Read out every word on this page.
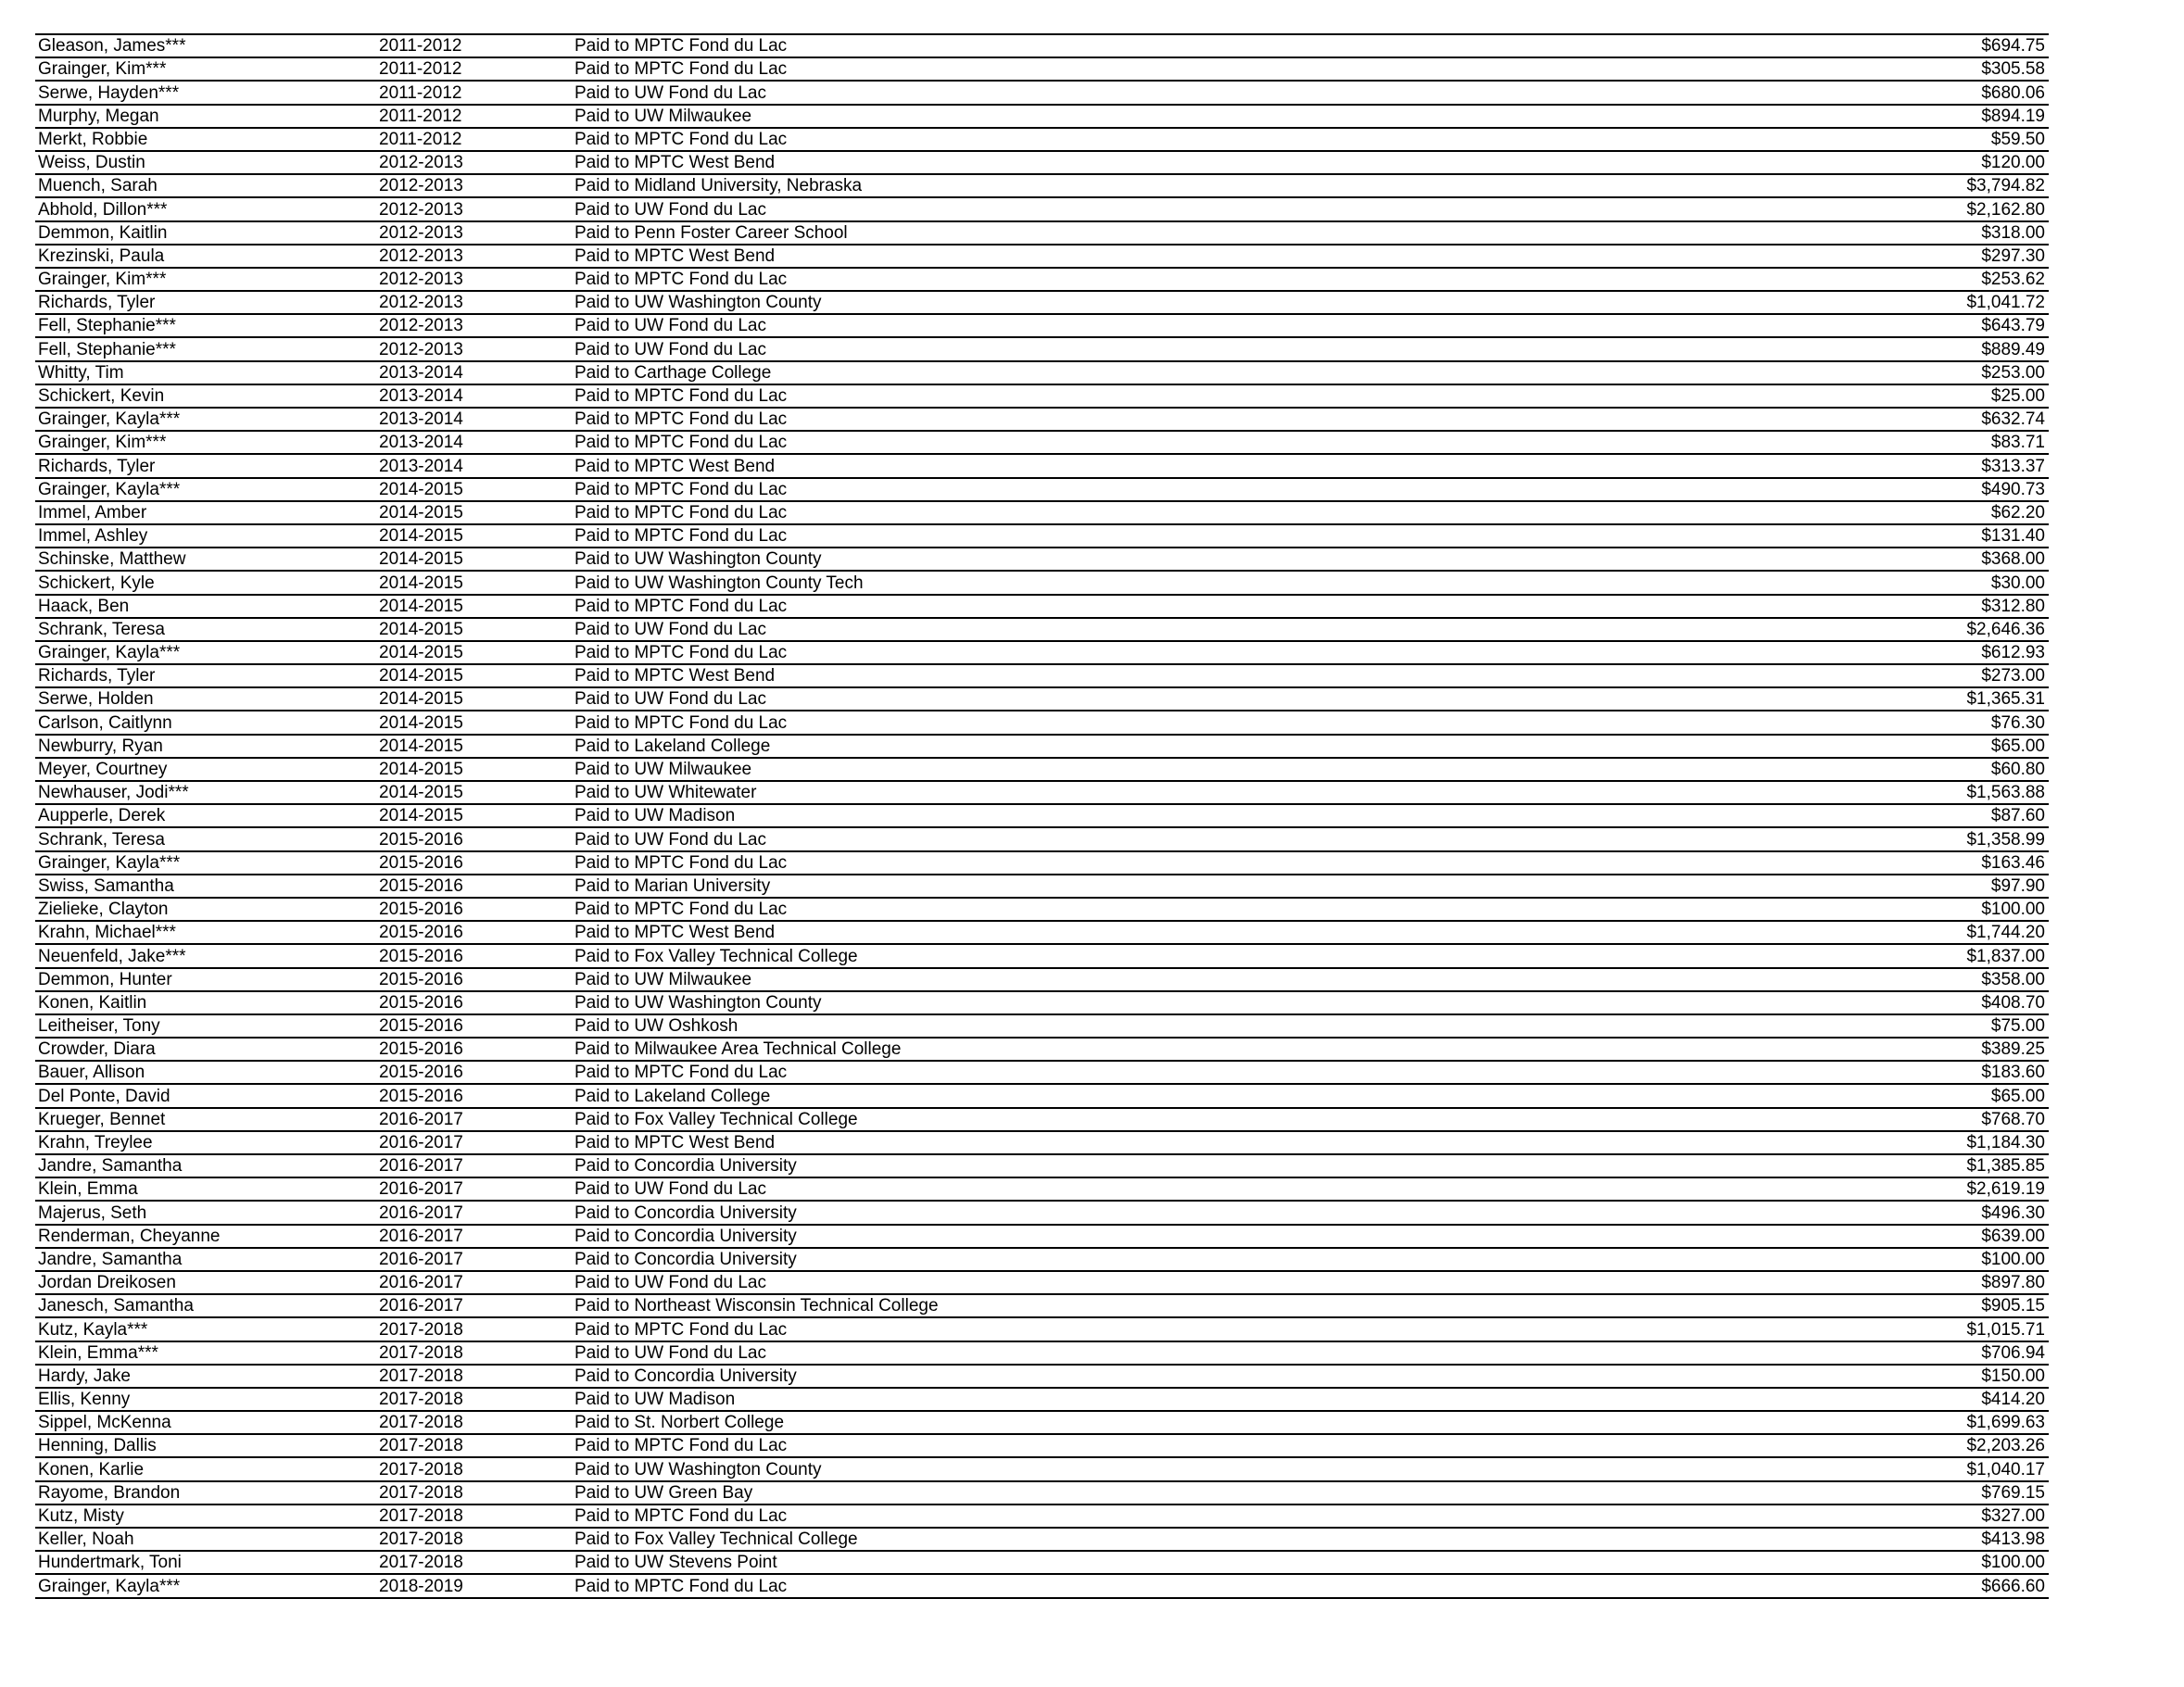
Gleason, James***	2011-2012	Paid to MPTC Fond du Lac	$694.75
Grainger, Kim***	2011-2012	Paid to MPTC Fond du Lac	$305.58
Serwe, Hayden***	2011-2012	Paid to UW Fond du Lac	$680.06
Murphy, Megan	2011-2012	Paid to UW Milwaukee	$894.19
Merkt, Robbie	2011-2012	Paid to MPTC Fond du Lac	$59.50
Weiss, Dustin	2012-2013	Paid to MPTC West Bend	$120.00
Muench, Sarah	2012-2013	Paid to Midland University, Nebraska	$3,794.82
Abhold, Dillon***	2012-2013	Paid to UW Fond du Lac	$2,162.80
Demmon, Kaitlin	2012-2013	Paid to Penn Foster Career School	$318.00
Krezinski, Paula	2012-2013	Paid to MPTC West Bend	$297.30
Grainger, Kim***	2012-2013	Paid to MPTC Fond du Lac	$253.62
Richards, Tyler	2012-2013	Paid to UW Washington County	$1,041.72
Fell, Stephanie***	2012-2013	Paid to UW Fond du Lac	$643.79
Fell, Stephanie***	2012-2013	Paid to UW Fond du Lac	$889.49
Whitty, Tim	2013-2014	Paid to Carthage College	$253.00
Schickert, Kevin	2013-2014	Paid to MPTC Fond du Lac	$25.00
Grainger, Kayla***	2013-2014	Paid to MPTC Fond du Lac	$632.74
Grainger, Kim***	2013-2014	Paid to MPTC Fond du Lac	$83.71
Richards, Tyler	2013-2014	Paid to MPTC West Bend	$313.37
Grainger, Kayla***	2014-2015	Paid to MPTC Fond du Lac	$490.73
Immel, Amber	2014-2015	Paid to MPTC Fond du Lac	$62.20
Immel, Ashley	2014-2015	Paid to MPTC Fond du Lac	$131.40
Schinske, Matthew	2014-2015	Paid to UW Washington County	$368.00
Schickert, Kyle	2014-2015	Paid to UW Washington County Tech	$30.00
Haack, Ben	2014-2015	Paid to MPTC Fond du Lac	$312.80
Schrank, Teresa	2014-2015	Paid to UW Fond du Lac	$2,646.36
Grainger, Kayla***	2014-2015	Paid to MPTC Fond du Lac	$612.93
Richards, Tyler	2014-2015	Paid to MPTC West Bend	$273.00
Serwe, Holden	2014-2015	Paid to UW Fond du Lac	$1,365.31
Carlson, Caitlynn	2014-2015	Paid to MPTC Fond du Lac	$76.30
Newburry, Ryan	2014-2015	Paid to Lakeland College	$65.00
Meyer, Courtney	2014-2015	Paid to UW Milwaukee	$60.80
Newhauser, Jodi***	2014-2015	Paid to UW Whitewater	$1,563.88
Aupperle, Derek	2014-2015	Paid to UW Madison	$87.60
Schrank, Teresa	2015-2016	Paid to UW Fond du Lac	$1,358.99
Grainger, Kayla***	2015-2016	Paid to MPTC Fond du Lac	$163.46
Swiss, Samantha	2015-2016	Paid to Marian University	$97.90
Zielieke, Clayton	2015-2016	Paid to MPTC Fond du Lac	$100.00
Krahn, Michael***	2015-2016	Paid to MPTC West Bend	$1,744.20
Neuenfeld, Jake***	2015-2016	Paid to Fox Valley Technical College	$1,837.00
Demmon, Hunter	2015-2016	Paid to UW Milwaukee	$358.00
Konen, Kaitlin	2015-2016	Paid to UW Washington County	$408.70
Leitheiser, Tony	2015-2016	Paid to UW Oshkosh	$75.00
Crowder, Diara	2015-2016	Paid to Milwaukee Area Technical College	$389.25
Bauer, Allison	2015-2016	Paid to MPTC Fond du Lac	$183.60
Del Ponte, David	2015-2016	Paid to Lakeland College	$65.00
Krueger, Bennet	2016-2017	Paid to Fox Valley Technical College	$768.70
Krahn, Treylee	2016-2017	Paid to MPTC West Bend	$1,184.30
Jandre, Samantha	2016-2017	Paid to Concordia University	$1,385.85
Klein, Emma	2016-2017	Paid to UW Fond du Lac	$2,619.19
Majerus, Seth	2016-2017	Paid to Concordia University	$496.30
Renderman, Cheyanne	2016-2017	Paid to Concordia University	$639.00
Jandre, Samantha	2016-2017	Paid to Concordia University	$100.00
Jordan Dreikosen	2016-2017	Paid to UW Fond du Lac	$897.80
Janesch, Samantha	2016-2017	Paid to Northeast Wisconsin Technical College	$905.15
Kutz, Kayla***	2017-2018	Paid to MPTC Fond du Lac	$1,015.71
Klein, Emma***	2017-2018	Paid to UW Fond du Lac	$706.94
Hardy, Jake	2017-2018	Paid to Concordia University	$150.00
Ellis, Kenny	2017-2018	Paid to UW Madison	$414.20
Sippel, McKenna	2017-2018	Paid to St. Norbert College	$1,699.63
Henning, Dallis	2017-2018	Paid to MPTC Fond du Lac	$2,203.26
Konen, Karlie	2017-2018	Paid to UW Washington County	$1,040.17
Rayome, Brandon	2017-2018	Paid to UW Green Bay	$769.15
Kutz, Misty	2017-2018	Paid to MPTC Fond du Lac	$327.00
Keller, Noah	2017-2018	Paid to Fox Valley Technical College	$413.98
Hundertmark, Toni	2017-2018	Paid to UW Stevens Point	$100.00
Grainger, Kayla***	2018-2019	Paid to MPTC Fond du Lac	$666.60
